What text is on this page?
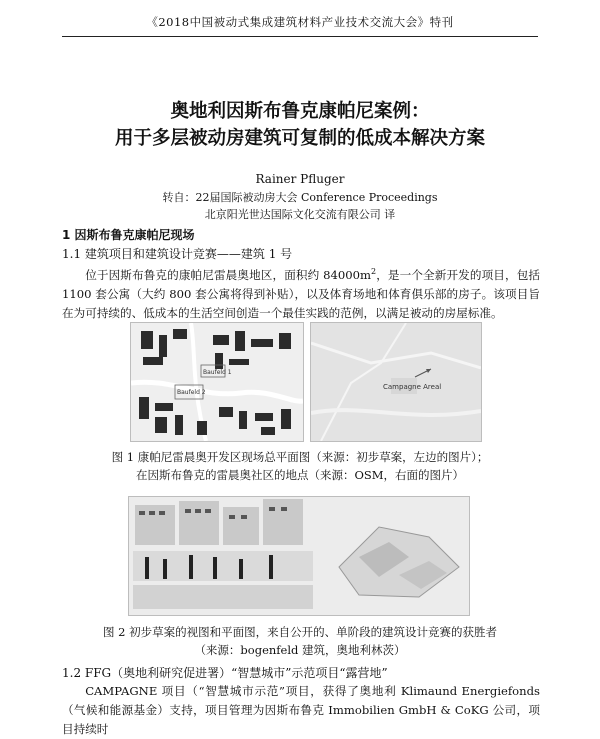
《2018中国被动式集成建筑材料产业技术交流大会》特刊
奥地利因斯布鲁克康帕尼案例：
用于多层被动房建筑可复制的低成本解决方案
Rainer Pfluger
转自：22届国际被动房大会 Conference Proceedings
北京阳光世达国际文化交流有限公司 译
1 因斯布鲁克康帕尼现场
1.1 建筑项目和建筑设计竞赛——建筑 1 号
位于因斯布鲁克的康帕尼雷晨奥地区，面积约 $84000m^2$，是一个全新开发的项目，包括 1100 套公寓（大约 800 套公寓将得到补贴），以及体育场地和体育俱乐部的房子。该项目旨在为可持续的、低成本的生活空间创造一个最佳实践的范例，以满足被动的房屋标准。
Baufeld 1
Baufeld 2
Campagne Areal
图 1 康帕尼雷晨奥开发区现场总平面图（来源：初步草案，左边的图片）；
在因斯布鲁克的雷晨奥社区的地点（来源：OSM，右面的图片）
图 2 初步草案的视图和平面图，来自公开的、单阶段的建筑设计竞赛的获胜者
（来源：bogenfeld 建筑，奥地利林茨）
1.2 FFG（奥地利研究促进署）“智慧城市”示范项目“露营地”
CAMPAGNE 项目（“智慧城市示范”项目，获得了奥地利 Klimaund Energiefonds（气候和能源基金）支持，项目管理为因斯布鲁克 Immobilien GmbH & CoKG 公司，项目持续时
